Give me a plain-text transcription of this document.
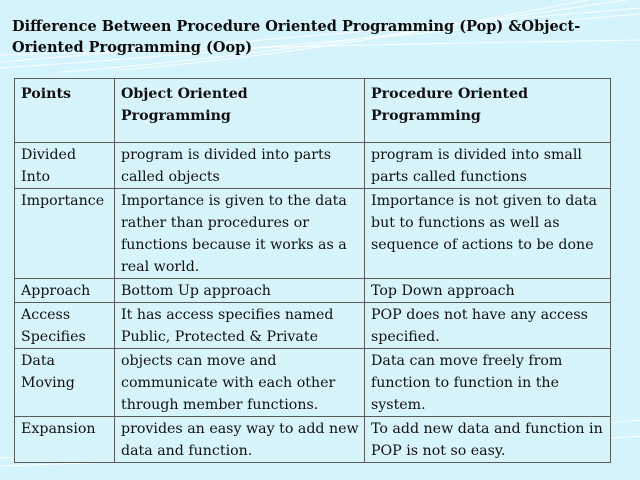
Difference Between Procedure Oriented Programming (Pop) &Object-Oriented Programming (Oop)
Points	Object Oriented Programming	Procedure Oriented Programming
Divided Into	program is divided into parts called objects	program is divided into small parts called functions
Importance	Importance is given to the data rather than procedures or functions because it works as a real world.	Importance is not given to data but to functions as well as sequence of actions to be done
Approach	Bottom Up approach	Top Down approach
Access Specifies	It has access specifies named Public, Protected & Private	POP does not have any access specified.
Data Moving	objects can move and communicate with each other through member functions.	Data can move freely from function to function in the system.
Expansion	provides an easy way to add new data and function.	To add new data and function in POP is not so easy.
